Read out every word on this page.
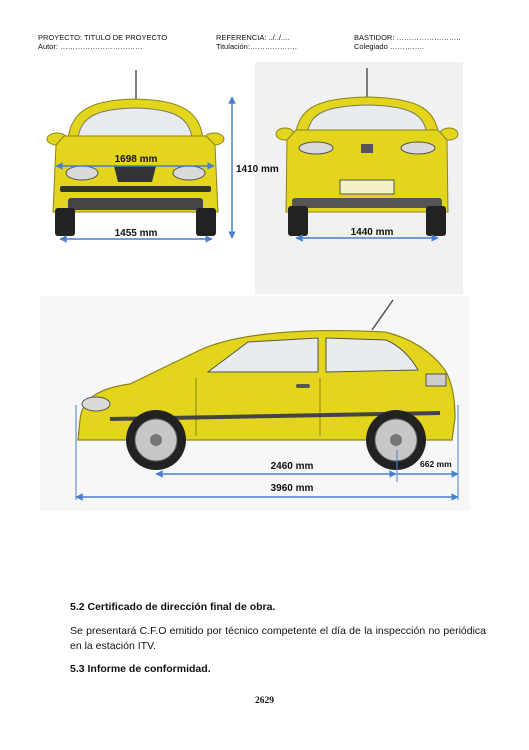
PROYECTO: TITULO DE PROYECTO	REFERENCIA: ../../....	BASTIDOR: ……………………..
Autor: ……………………………	Titulación:……………….	Colegiado …………..
1698 mm
1455 mm
1410 mm
1440 mm
2460 mm	662 mm
3960 mm
5.2 Certificado de dirección final de obra.
Se presentará C.F.O emitido por técnico competente el día de la inspección no periódica en la estación ITV.
5.3 Informe de conformidad.
2629
